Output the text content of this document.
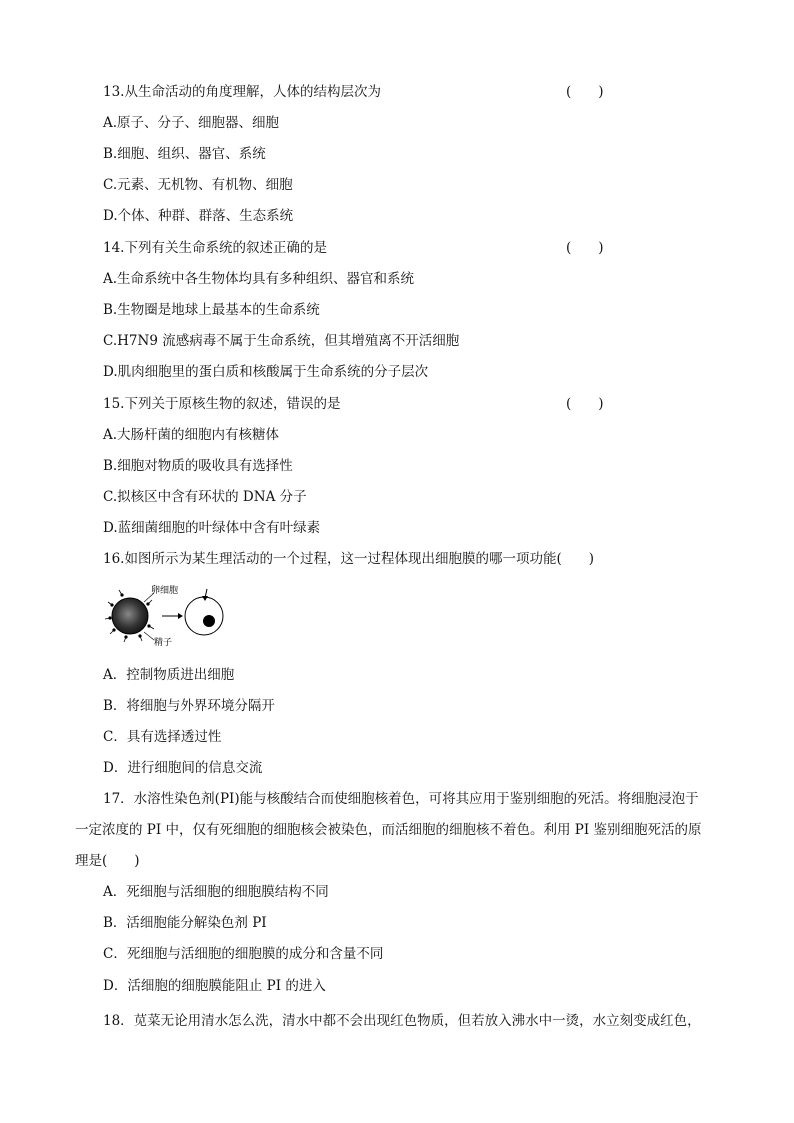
13.从生命活动的角度理解，人体的结构层次为	(　　)
A.原子、分子、细胞器、细胞
B.细胞、组织、器官、系统
C.元素、无机物、有机物、细胞
D.个体、种群、群落、生态系统
14.下列有关生命系统的叙述正确的是	(　　)
A.生命系统中各生物体均具有多种组织、器官和系统
B.生物圈是地球上最基本的生命系统
C.H7N9 流感病毒不属于生命系统，但其增殖离不开活细胞
D.肌肉细胞里的蛋白质和核酸属于生命系统的分子层次
15.下列关于原核生物的叙述，错误的是	(　　)
A.大肠杆菌的细胞内有核糖体
B.细胞对物质的吸收具有选择性
C.拟核区中含有环状的 DNA 分子
D.蓝细菌细胞的叶绿体中含有叶绿素
16.如图所示为某生理活动的一个过程，这一过程体现出细胞膜的哪一项功能(　　)
卵细胞
精子
A．控制物质进出细胞
B．将细胞与外界环境分隔开
C．具有选择透过性
D．进行细胞间的信息交流
17．水溶性染色剂(PI)能与核酸结合而使细胞核着色，可将其应用于鉴别细胞的死活。将细胞浸泡于
一定浓度的 PI 中，仅有死细胞的细胞核会被染色，而活细胞的细胞核不着色。利用 PI 鉴别细胞死活的原
理是(　　)
A．死细胞与活细胞的细胞膜结构不同
B．活细胞能分解染色剂 PI
C．死细胞与活细胞的细胞膜的成分和含量不同
D．活细胞的细胞膜能阻止 PI 的进入
18．苋菜无论用清水怎么洗，清水中都不会出现红色物质，但若放入沸水中一烫，水立刻变成红色，
